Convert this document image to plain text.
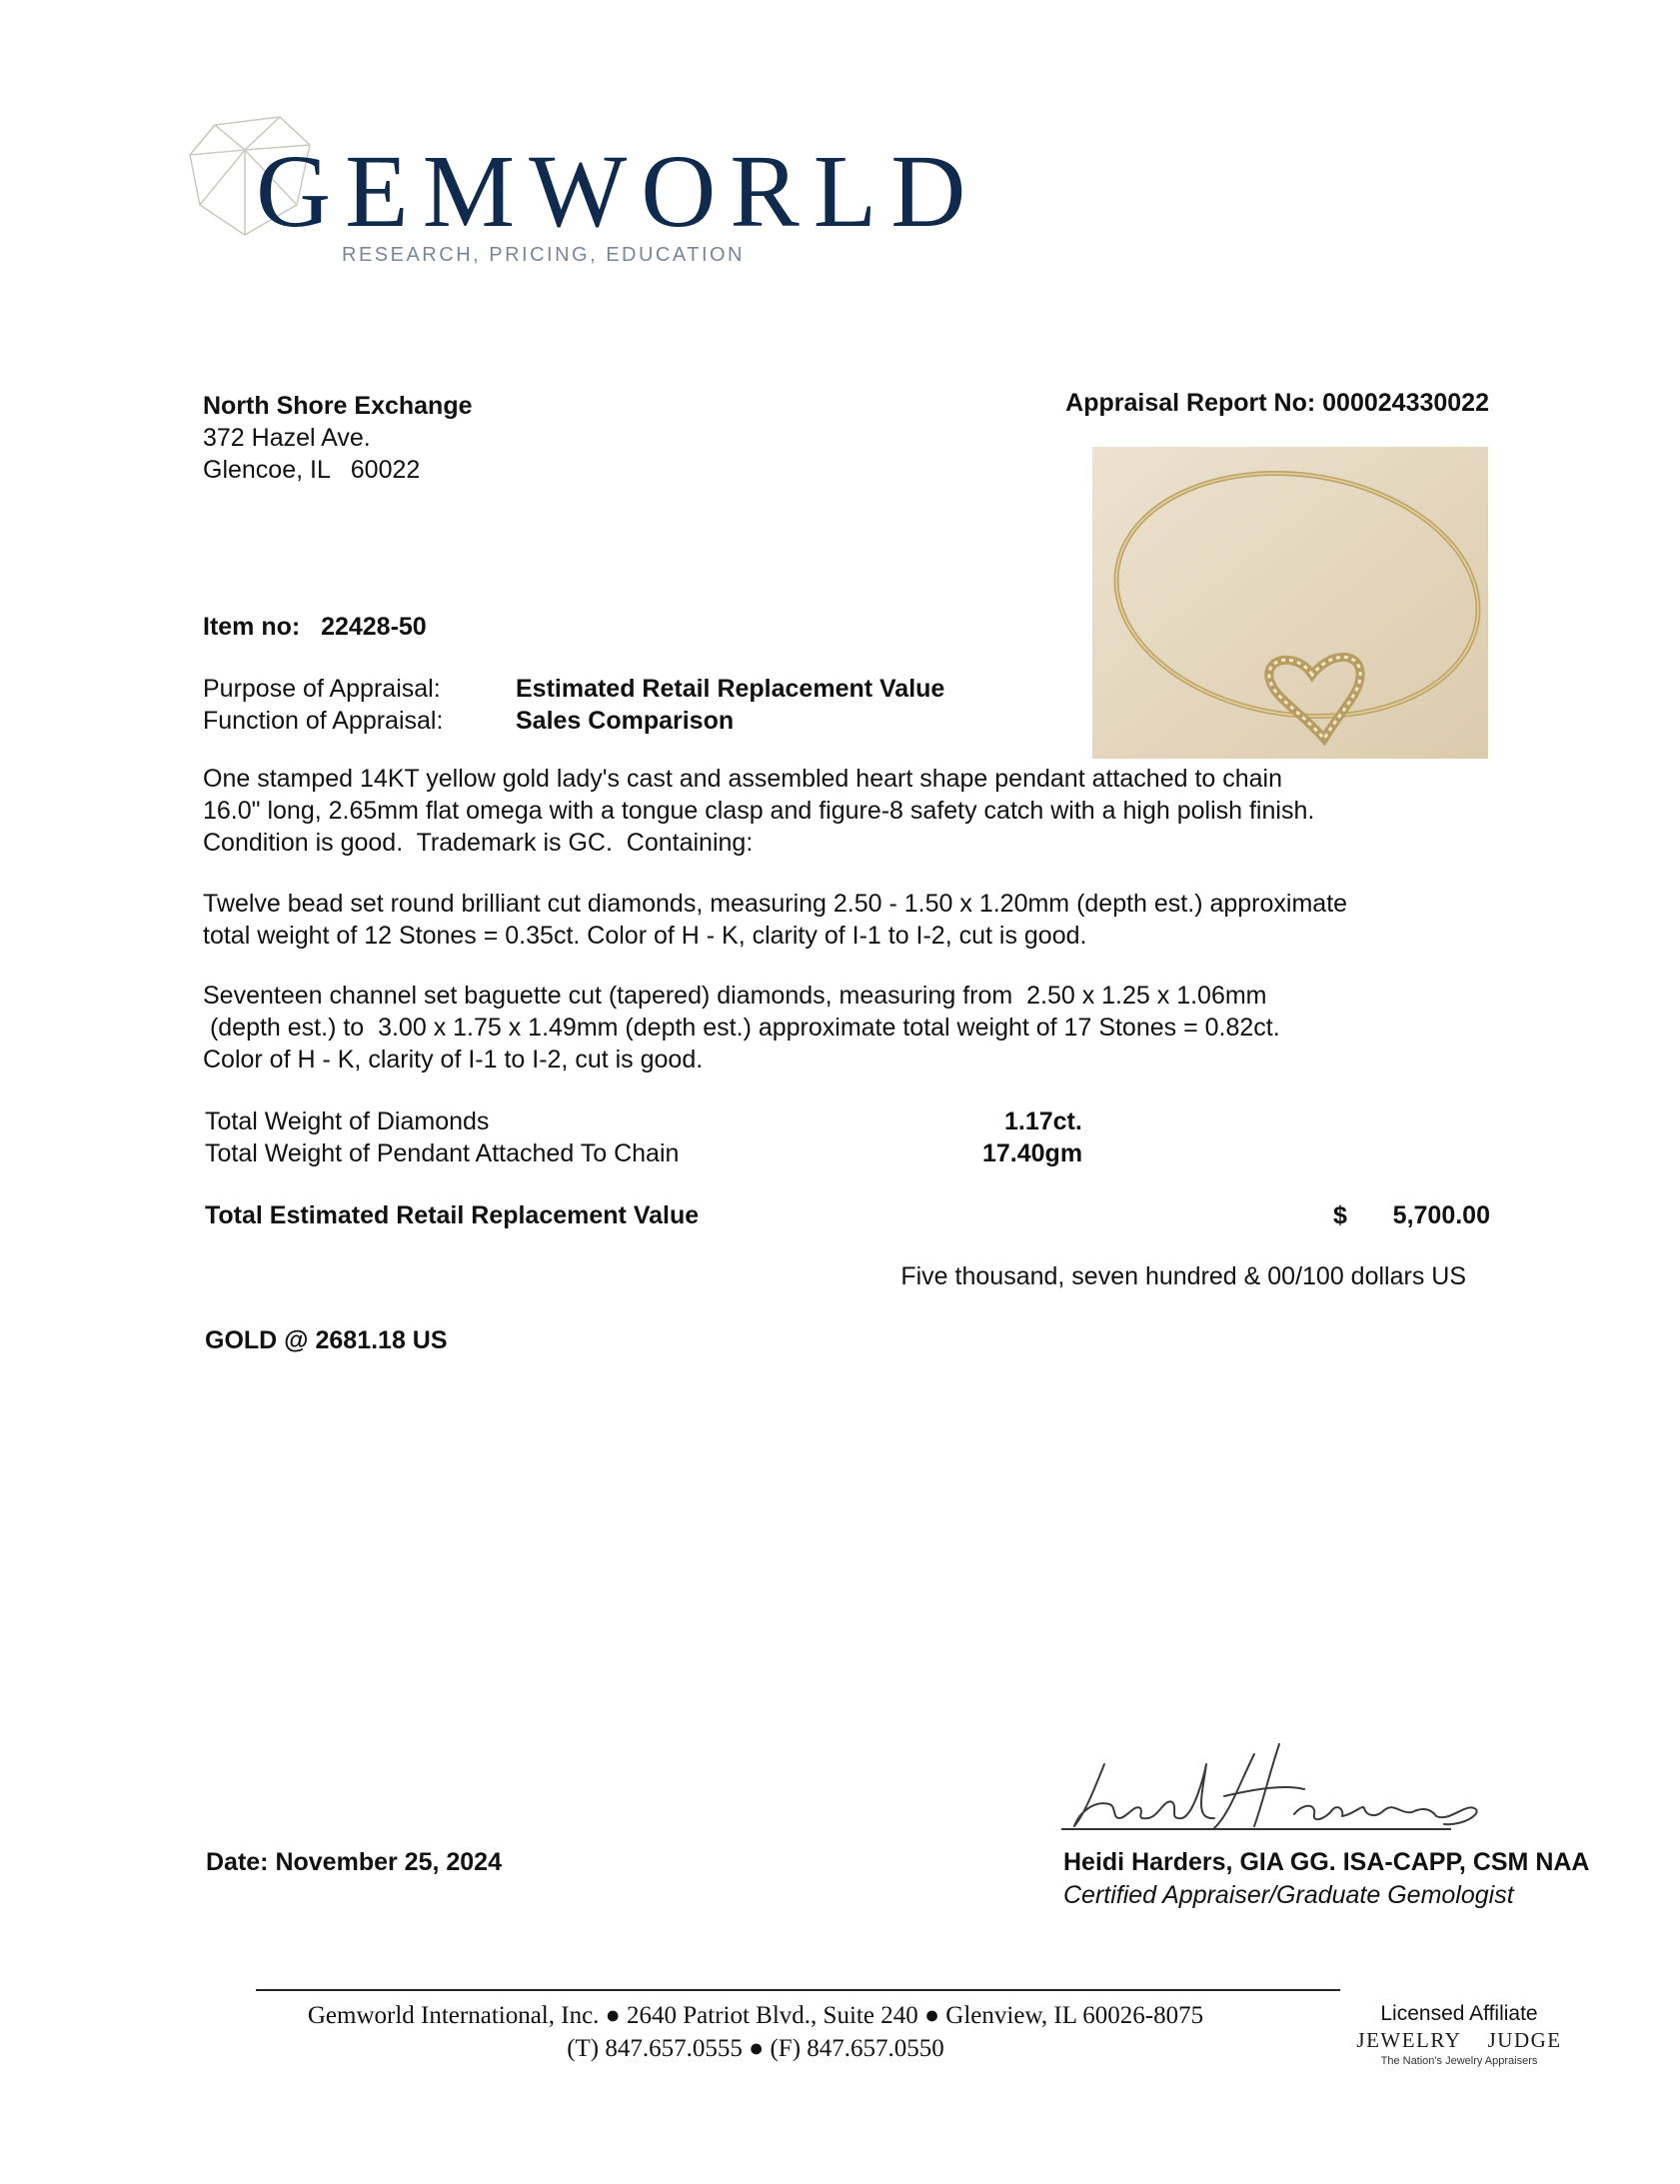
GEMWORLD
RESEARCH, PRICING, EDUCATION
North Shore Exchange
372 Hazel Ave.
Glencoe, IL   60022
Appraisal Report No: 000024330022
Item no: 22428-50
Purpose of Appraisal:	Estimated Retail Replacement Value
Function of Appraisal:	Sales Comparison
One stamped 14KT yellow gold lady's cast and assembled heart shape pendant attached to chain
16.0" long, 2.65mm flat omega with a tongue clasp and figure-8 safety catch with a high polish finish.
Condition is good.  Trademark is GC.  Containing:
Twelve bead set round brilliant cut diamonds, measuring 2.50 - 1.50 x 1.20mm (depth est.) approximate
total weight of 12 Stones = 0.35ct. Color of H - K, clarity of I-1 to I-2, cut is good.
Seventeen channel set baguette cut (tapered) diamonds, measuring from  2.50 x 1.25 x 1.06mm
(depth est.) to  3.00 x 1.75 x 1.49mm (depth est.) approximate total weight of 17 Stones = 0.82ct.
Color of H - K, clarity of I-1 to I-2, cut is good.
Total Weight of Diamonds	1.17ct.
Total Weight of Pendant Attached To Chain	17.40gm
Total Estimated Retail Replacement Value	$ 5,700.00
Five thousand, seven hundred & 00/100 dollars US
GOLD @ 2681.18 US
Heidi Harders, GIA GG. ISA-CAPP, CSM NAA
Certified Appraiser/Graduate Gemologist
Date: November 25, 2024
Gemworld International, Inc. ● 2640 Patriot Blvd., Suite 240 ● Glenview, IL 60026-8075
(T) 847.657.0555 ● (F) 847.657.0550
Licensed Affiliate
JEWELRY    JUDGE
The Nation's Jewelry Appraisers
